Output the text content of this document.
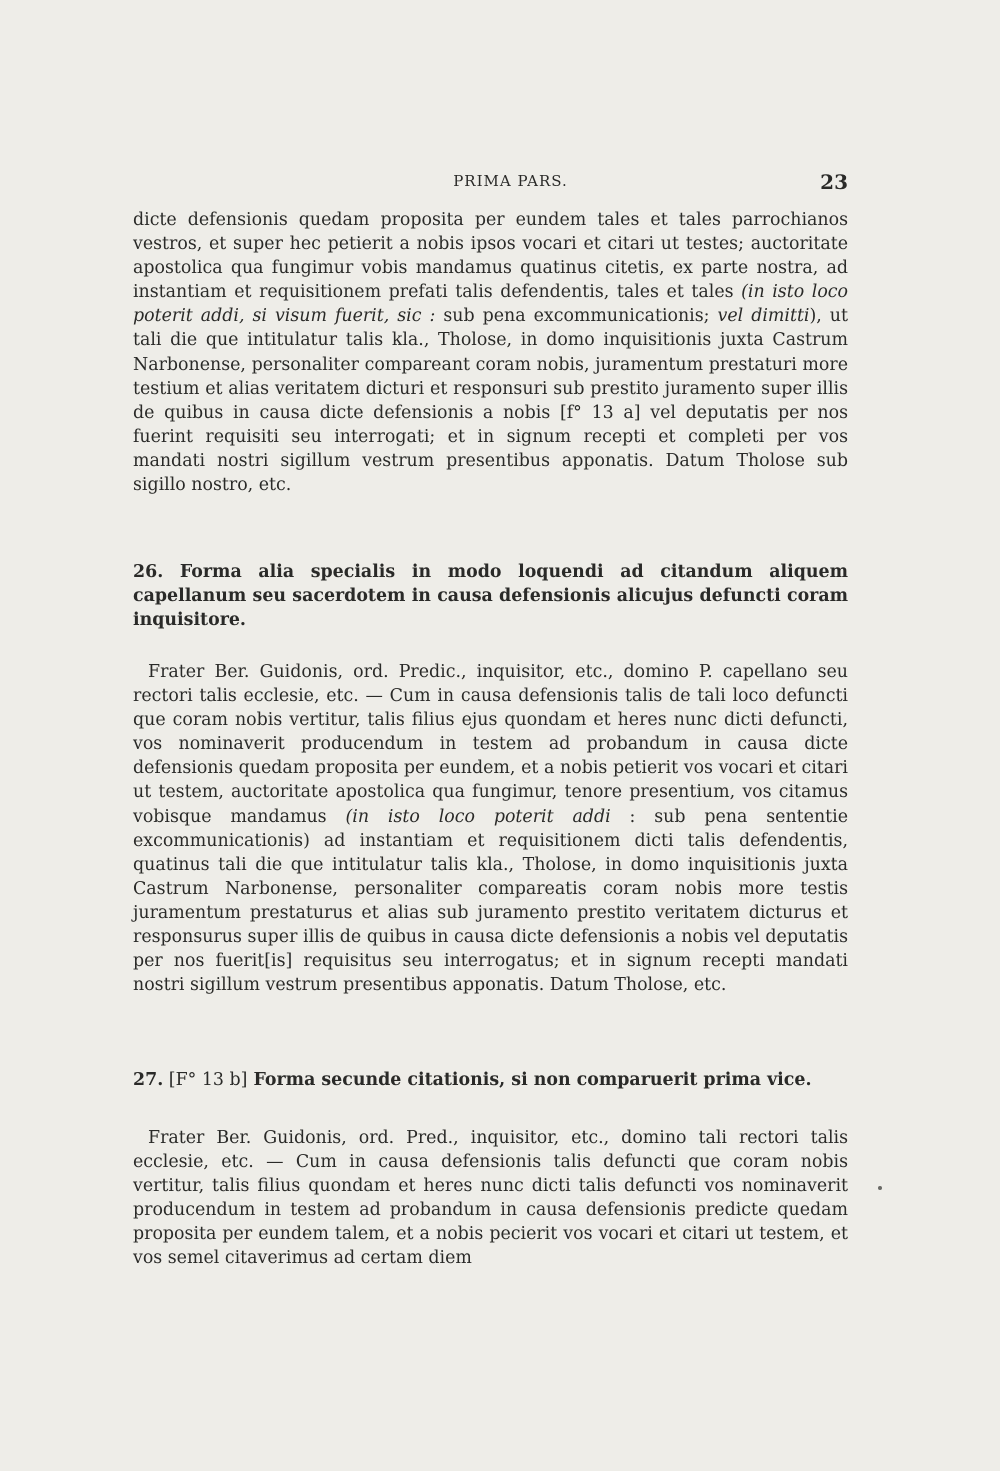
PRIMA PARS.	23

dicte defensionis quedam proposita per eundem tales et tales parrochianos vestros, et super hec petierit a nobis ipsos vocari et citari ut testes; auctoritate apostolica qua fungimur vobis mandamus quatinus citetis, ex parte nostra, ad instantiam et requisitionem prefati talis defendentis, tales et tales (in isto loco poterit addi, si visum fuerit, sic : sub pena excommunicationis; vel dimitti), ut tali die que intitulatur talis kla., Tholose, in domo inquisitionis juxta Castrum Narbonense, personaliter compareant coram nobis, juramentum prestaturi more testium et alias veritatem dicturi et responsuri sub prestito juramento super illis de quibus in causa dicte defensionis a nobis [f° 13 a] vel deputatis per nos fuerint requisiti seu interrogati; et in signum recepti et completi per vos mandati nostri sigillum vestrum presentibus apponatis. Datum Tholose sub sigillo nostro, etc.

26. Forma alia specialis in modo loquendi ad citandum aliquem capellanum seu sacerdotem in causa defensionis alicujus defuncti coram inquisitore.

Frater Ber. Guidonis, ord. Predic., inquisitor, etc., domino P. capellano seu rectori talis ecclesie, etc. — Cum in causa defensionis talis de tali loco defuncti que coram nobis vertitur, talis filius ejus quondam et heres nunc dicti defuncti, vos nominaverit producendum in testem ad probandum in causa dicte defensionis quedam proposita per eundem, et a nobis petierit vos vocari et citari ut testem, auctoritate apostolica qua fungimur, tenore presentium, vos citamus vobisque mandamus (in isto loco poterit addi : sub pena sententie excommunicationis) ad instantiam et requisitionem dicti talis defendentis, quatinus tali die que intitulatur talis kla., Tholose, in domo inquisitionis juxta Castrum Narbonense, personaliter compareatis coram nobis more testis juramentum prestaturus et alias sub juramento prestito veritatem dicturus et responsurus super illis de quibus in causa dicte defensionis a nobis vel deputatis per nos fuerit[is] requisitus seu interrogatus; et in signum recepti mandati nostri sigillum vestrum presentibus apponatis. Datum Tholose, etc.

27. [F° 13 b] Forma secunde citationis, si non comparuerit prima vice.

Frater Ber. Guidonis, ord. Pred., inquisitor, etc., domino tali rectori talis ecclesie, etc. — Cum in causa defensionis talis defuncti que coram nobis vertitur, talis filius quondam et heres nunc dicti talis defuncti vos nominaverit producendum in testem ad probandum in causa defensionis predicte quedam proposita per eundem talem, et a nobis pecierit vos vocari et citari ut testem, et vos semel citaverimus ad certam diem
